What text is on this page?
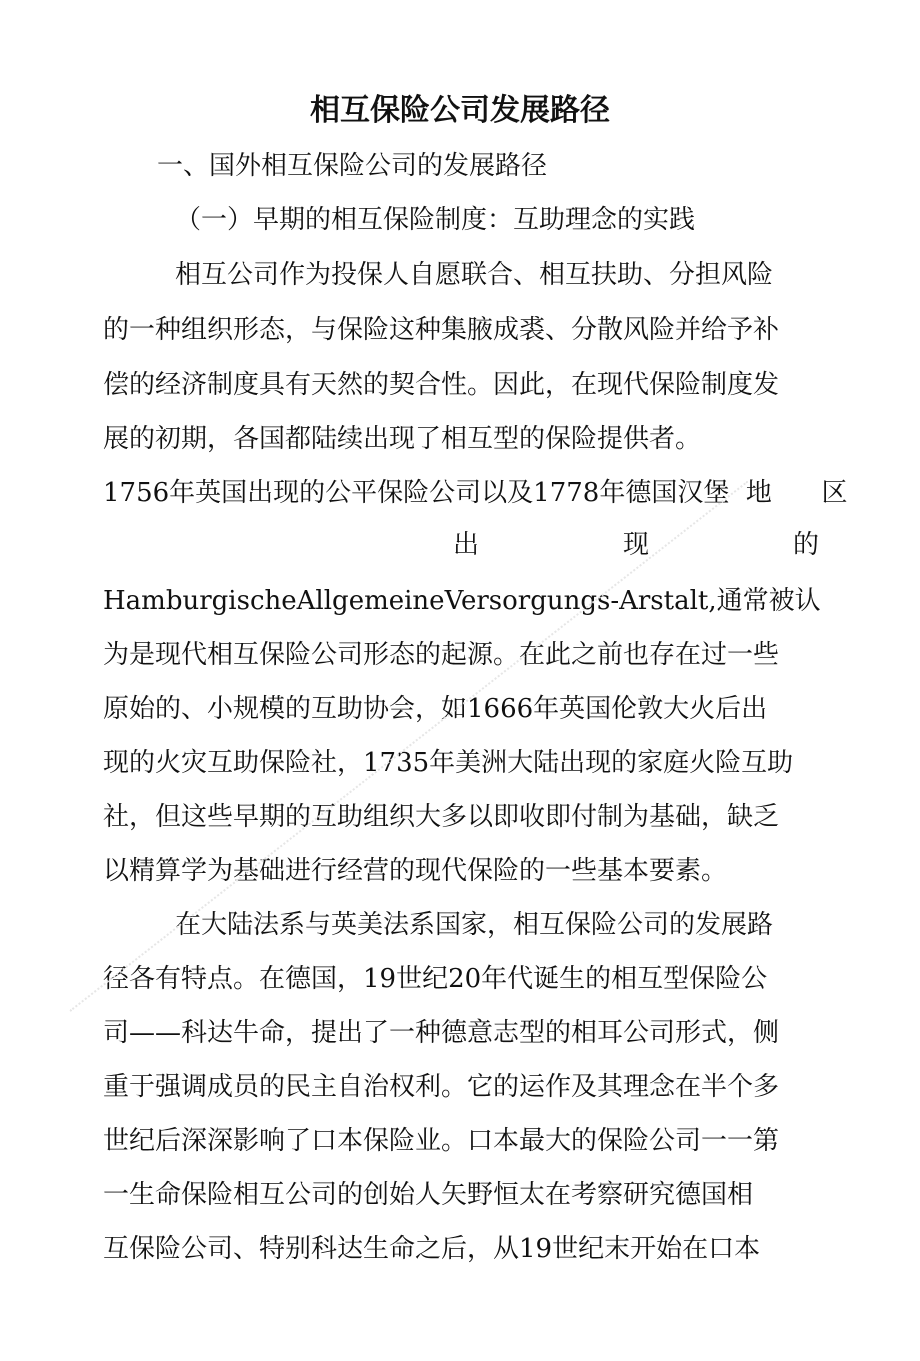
相互保险公司发展路径

一、国外相互保险公司的发展路径

（一）早期的相互保险制度：互助理念的实践

相互公司作为投保人自愿联合、相互扶助、分担风险

的一种组织形态，与保险这种集腋成裘、分散风险并给予补

偿的经济制度具有天然的契合性。因此，在现代保险制度发

展的初期，各国都陆续出现了相互型的保险提供者。

1756年英国出现的公平保险公司以及1778年德国汉堡  地      区

出	现	的

HamburgischeAllgemeineVersorgungs-Arstalt,通常被认

为是现代相互保险公司形态的起源。在此之前也存在过一些

原始的、小规模的互助协会，如1666年英国伦敦大火后出

现的火灾互助保险社，1735年美洲大陆出现的家庭火险互助

社，但这些早期的互助组织大多以即收即付制为基础，缺乏

以精算学为基础进行经营的现代保险的一些基本要素。

在大陆法系与英美法系国家，相互保险公司的发展路

径各有特点。在德国，19世纪20年代诞生的相互型保险公

司——科达牛命，提出了一种德意志型的相耳公司形式，侧

重于强调成员的民主自治权利。它的运作及其理念在半个多

世纪后深深影响了口本保险业。口本最大的保险公司一一第

一生命保险相互公司的创始人矢野恒太在考察研究德国相

互保险公司、特别科达生命之后，从19世纪末开始在口本
